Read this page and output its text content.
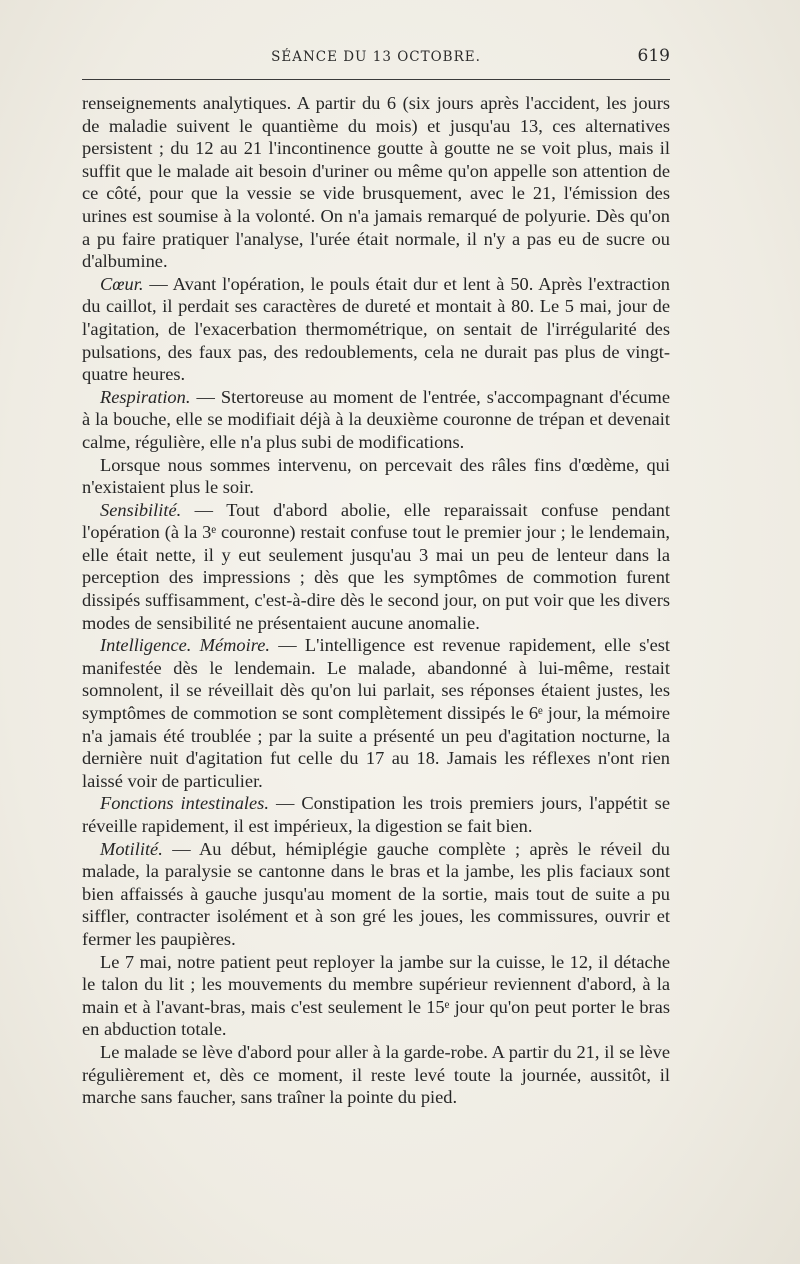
SÉANCE DU 13 OCTOBRE.	619

renseignements analytiques. A partir du 6 (six jours après l'accident, les jours de maladie suivent le quantième du mois) et jusqu'au 13, ces alternatives persistent ; du 12 au 21 l'incontinence goutte à goutte ne se voit plus, mais il suffit que le malade ait besoin d'uriner ou même qu'on appelle son attention de ce côté, pour que la vessie se vide brusquement, avec le 21, l'émission des urines est soumise à la volonté. On n'a jamais remarqué de polyurie. Dès qu'on a pu faire pratiquer l'analyse, l'urée était normale, il n'y a pas eu de sucre ou d'albumine.

Cœur. — Avant l'opération, le pouls était dur et lent à 50. Après l'extraction du caillot, il perdait ses caractères de dureté et montait à 80. Le 5 mai, jour de l'agitation, de l'exacerbation thermométrique, on sentait de l'irrégularité des pulsations, des faux pas, des redoublements, cela ne durait pas plus de vingt-quatre heures.

Respiration. — Stertoreuse au moment de l'entrée, s'accompagnant d'écume à la bouche, elle se modifiait déjà à la deuxième couronne de trépan et devenait calme, régulière, elle n'a plus subi de modifications.

Lorsque nous sommes intervenu, on percevait des râles fins d'œdème, qui n'existaient plus le soir.

Sensibilité. — Tout d'abord abolie, elle reparaissait confuse pendant l'opération (à la 3ᵉ couronne) restait confuse tout le premier jour ; le lendemain, elle était nette, il y eut seulement jusqu'au 3 mai un peu de lenteur dans la perception des impressions ; dès que les symptômes de commotion furent dissipés suffisamment, c'est-à-dire dès le second jour, on put voir que les divers modes de sensibilité ne présentaient aucune anomalie.

Intelligence. Mémoire. — L'intelligence est revenue rapidement, elle s'est manifestée dès le lendemain. Le malade, abandonné à lui-même, restait somnolent, il se réveillait dès qu'on lui parlait, ses réponses étaient justes, les symptômes de commotion se sont complètement dissipés le 6ᵉ jour, la mémoire n'a jamais été troublée ; par la suite a présenté un peu d'agitation nocturne, la dernière nuit d'agitation fut celle du 17 au 18. Jamais les réflexes n'ont rien laissé voir de particulier.

Fonctions intestinales. — Constipation les trois premiers jours, l'appétit se réveille rapidement, il est impérieux, la digestion se fait bien.

Motilité. — Au début, hémiplégie gauche complète ; après le réveil du malade, la paralysie se cantonne dans le bras et la jambe, les plis faciaux sont bien affaissés à gauche jusqu'au moment de la sortie, mais tout de suite a pu siffler, contracter isolément et à son gré les joues, les commissures, ouvrir et fermer les paupières.

Le 7 mai, notre patient peut reployer la jambe sur la cuisse, le 12, il détache le talon du lit ; les mouvements du membre supérieur reviennent d'abord, à la main et à l'avant-bras, mais c'est seulement le 15ᵉ jour qu'on peut porter le bras en abduction totale.

Le malade se lève d'abord pour aller à la garde-robe. A partir du 21, il se lève régulièrement et, dès ce moment, il reste levé toute la journée, aussitôt, il marche sans faucher, sans traîner la pointe du pied.
